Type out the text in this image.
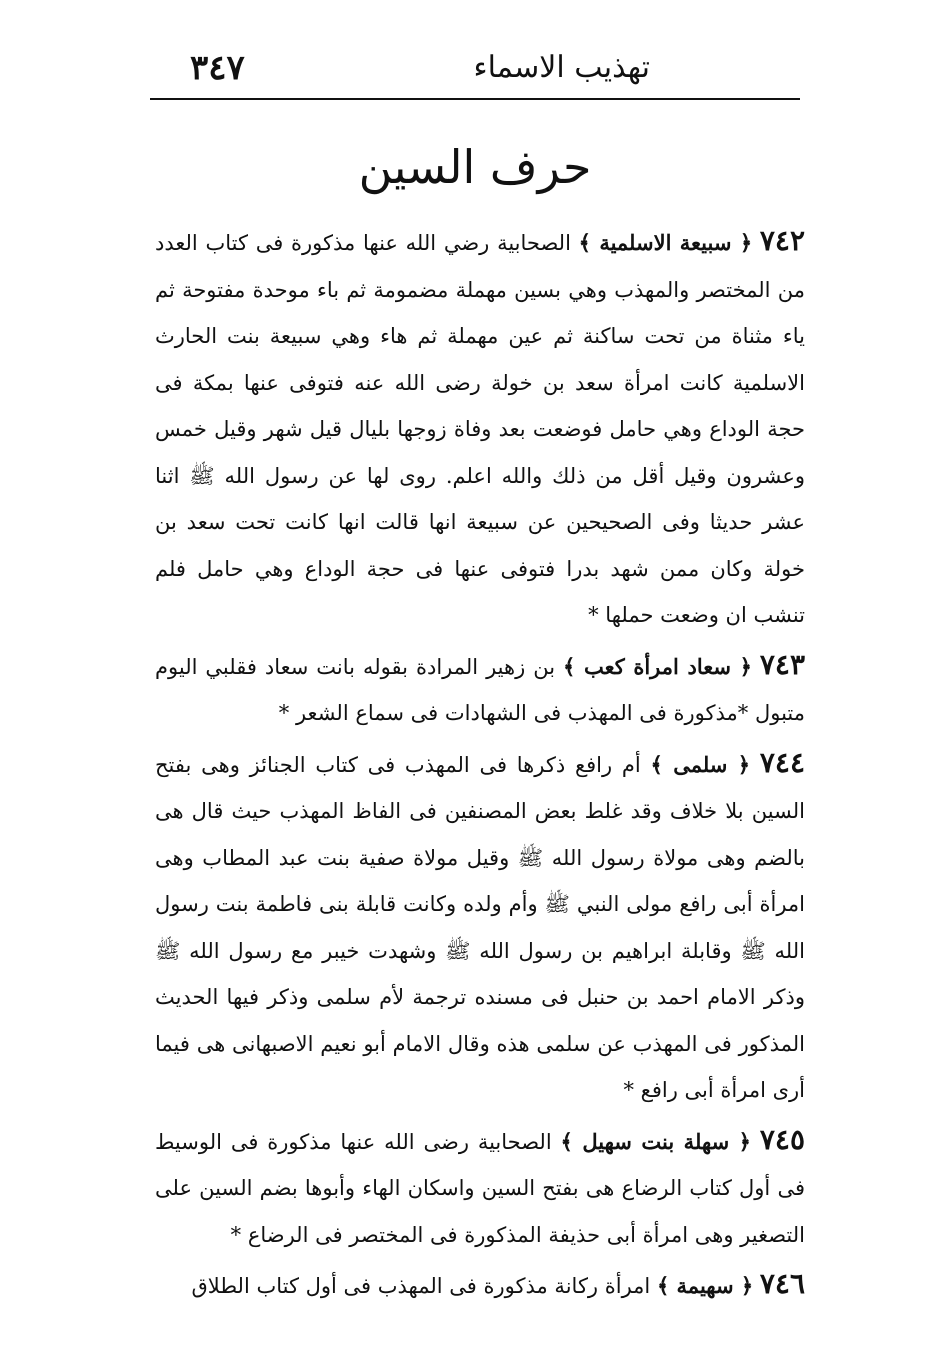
تهذيب الاسماء
٣٤٧
حرف السين

٧٤٢ ﴿ سبيعة الاسلمية ﴾ الصحابية رضي الله عنها مذكورة فى كتاب العدد من المختصر والمهذب وهي بسين مهملة مضمومة ثم باء موحدة مفتوحة ثم ياء مثناة من تحت ساكنة ثم عين مهملة ثم هاء وهي سبيعة بنت الحارث الاسلمية كانت امرأة سعد بن خولة رضى الله عنه فتوفى عنها بمكة فى حجة الوداع وهي حامل فوضعت بعد وفاة زوجها بليال قيل شهر وقيل خمس وعشرون وقيل أقل من ذلك والله اعلم. روى لها عن رسول الله ﷺ اثنا عشر حديثا وفى الصحيحين عن سبيعة انها قالت انها كانت تحت سعد بن خولة وكان ممن شهد بدرا فتوفى عنها فى حجة الوداع وهي حامل فلم تنشب ان وضعت حملها *

٧٤٣ ﴿ سعاد امرأة كعب ﴾ بن زهير المرادة بقوله بانت سعاد فقلبي اليوم متبول *مذكورة فى المهذب فى الشهادات فى سماع الشعر *

٧٤٤ ﴿ سلمى ﴾ أم رافع ذكرها فى المهذب فى كتاب الجنائز وهى بفتح السين بلا خلاف وقد غلط بعض المصنفين فى الفاظ المهذب حيث قال هى بالضم وهى مولاة رسول الله ﷺ وقيل مولاة صفية بنت عبد المطاب وهى امرأة أبى رافع مولى النبي ﷺ وأم ولده وكانت قابلة بنى فاطمة بنت رسول الله ﷺ وقابلة ابراهيم بن رسول الله ﷺ وشهدت خيبر مع رسول الله ﷺ وذكر الامام احمد بن حنبل فى مسنده ترجمة لأم سلمى وذكر فيها الحديث المذكور فى المهذب عن سلمى هذه وقال الامام أبو نعيم الاصبهانى هى فيما أرى امرأة أبى رافع *

٧٤٥ ﴿ سهلة بنت سهيل ﴾ الصحابية رضى الله عنها مذكورة فى الوسيط فى أول كتاب الرضاع هى بفتح السين واسكان الهاء وأبوها بضم السين على التصغير وهى امرأة أبى حذيفة المذكورة فى المختصر فى الرضاع *

٧٤٦ ﴿ سهيمة ﴾ امرأة ركانة مذكورة فى المهذب فى أول كتاب الطلاق
